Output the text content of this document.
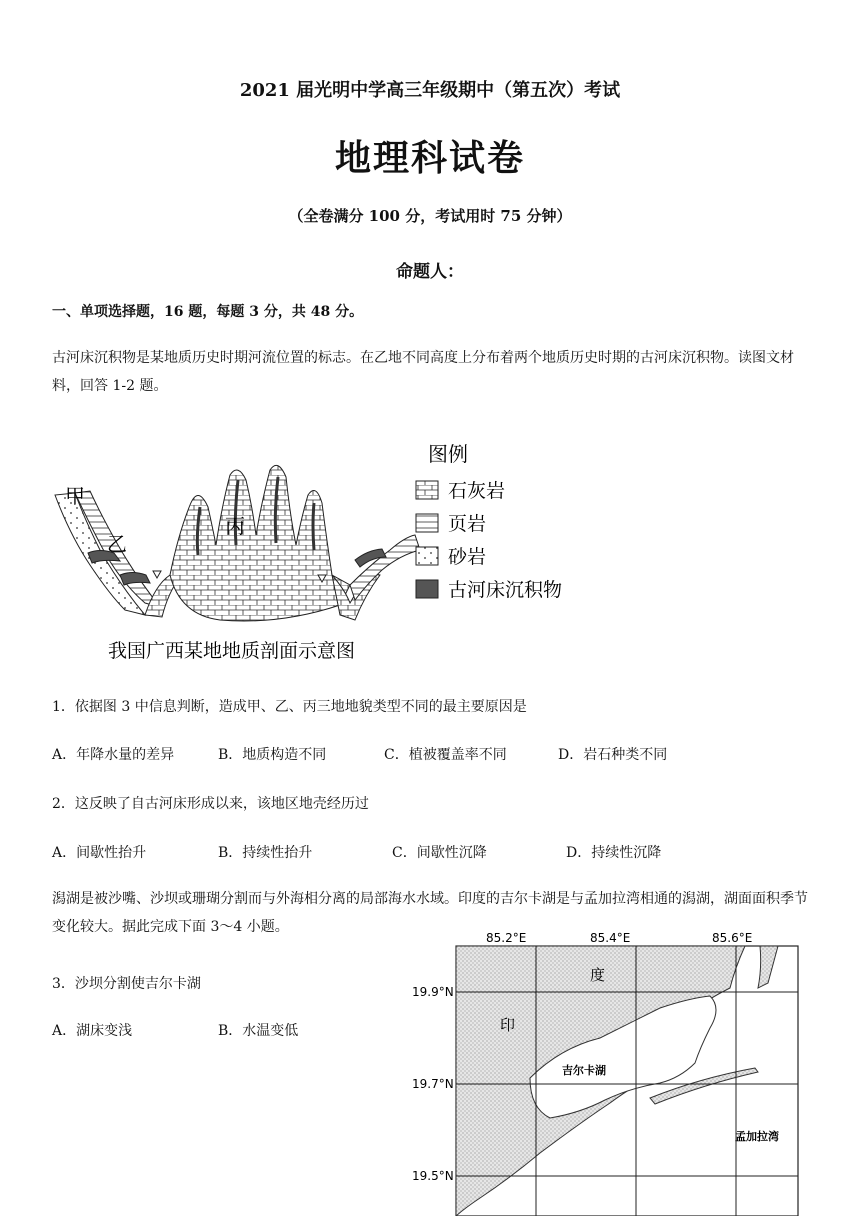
2021 届光明中学高三年级期中（第五次）考试
地理科试卷
（全卷满分 100 分，考试用时 75 分钟）
命题人：
一、单项选择题，16 题，每题 3 分，共 48 分。
古河床沉积物是某地质历史时期河流位置的标志。在乙地不同高度上分布着两个地质历史时期的古河床沉积物。读图文材料，回答 1-2 题。
甲
乙
丙
图例
石灰岩
页岩
砂岩
古河床沉积物
我国广西某地地质剖面示意图
1．依据图 3 中信息判断，造成甲、乙、丙三地地貌类型不同的最主要原因是
A．年降水量的差异	B．地质构造不同	C．植被覆盖率不同	D．岩石种类不同
2．这反映了自古河床形成以来，该地区地壳经历过
A．间歇性抬升	B．持续性抬升	C．间歇性沉降	D．持续性沉降
潟湖是被沙嘴、沙坝或珊瑚分割而与外海相分离的局部海水水域。印度的吉尔卡湖是与孟加拉湾相通的潟湖，湖面面积季节变化较大。据此完成下面 3～4 小题。
3．沙坝分割使吉尔卡湖
A．湖床变浅	B．水温变低
85.2°E	85.4°E	85.6°E
19.9°N
19.7°N
19.5°N
度
印
吉尔卡湖
孟加拉湾
